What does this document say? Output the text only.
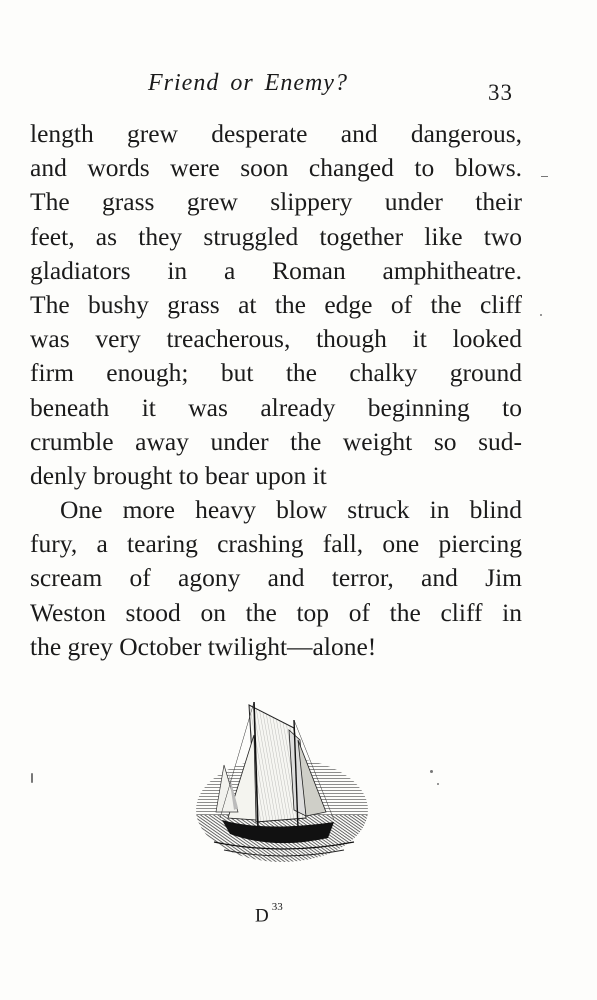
Friend or Enemy?	33
length grew desperate and dangerous,
and words were soon changed to blows.
The grass grew slippery under their
feet, as they struggled together like two
gladiators in a Roman amphitheatre.
The bushy grass at the edge of the cliff
was very treacherous, though it looked
firm enough; but the chalky ground
beneath it was already beginning to
crumble away under the weight so sud-
denly brought to bear upon it
One more heavy blow struck in blind
fury, a tearing crashing fall, one piercing
scream of agony and terror, and Jim
Weston stood on the top of the cliff in
the grey October twilight—alone!
D $^{33}$
